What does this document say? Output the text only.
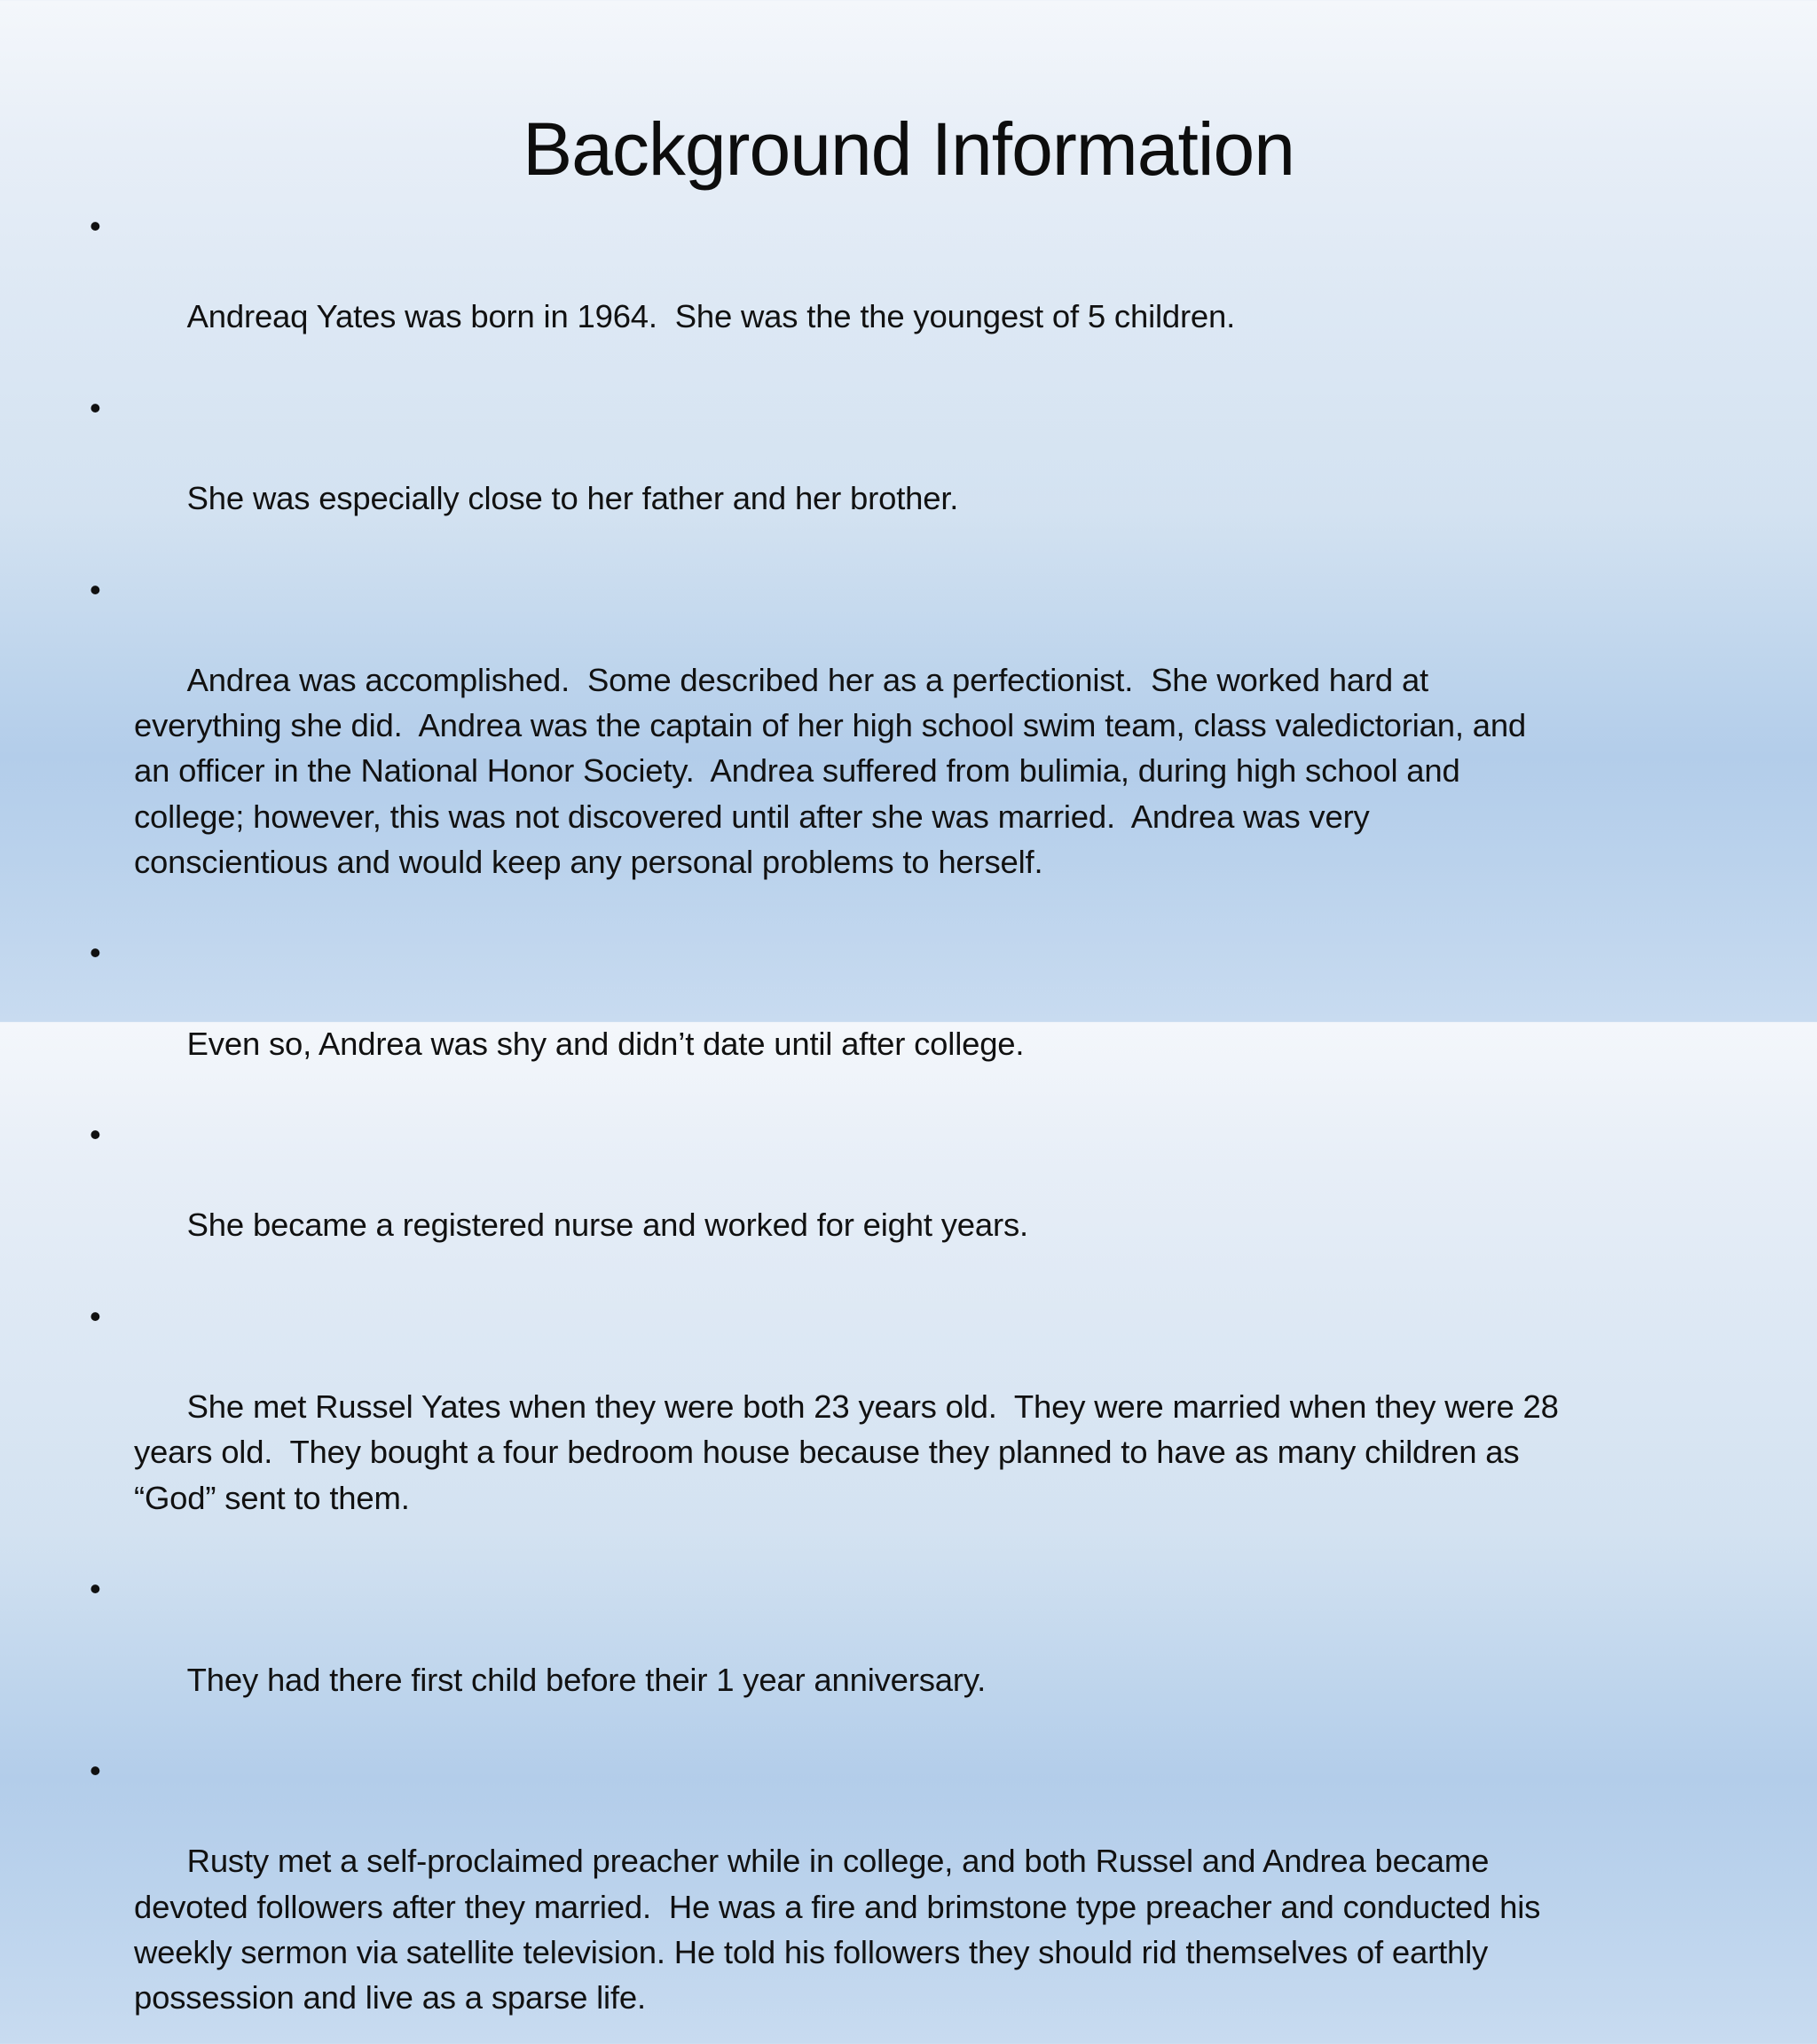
Background Information

•

Andreaq Yates was born in 1964.  She was the the youngest of 5 children.

•

She was especially close to her father and her brother.

•

Andrea was accomplished.  Some described her as a perfectionist.  She worked hard at everything she did.  Andrea was the captain of her high school swim team, class valedictorian, and an officer in the National Honor Society.  Andrea suffered from bulimia, during high school and college; however, this was not discovered until after she was married.  Andrea was very conscientious and would keep any personal problems to herself.

•

Even so, Andrea was shy and didn’t date until after college.

•

She became a registered nurse and worked for eight years.

•

She met Russel Yates when they were both 23 years old.  They were married when they were 28 years old.  They bought a four bedroom house because they planned to have as many children as “God” sent to them.

•

They had there first child before their 1 year anniversary.

•

Rusty met a self-proclaimed preacher while in college, and both Russel and Andrea became devoted followers after they married.  He was a fire and brimstone type preacher and conducted his weekly sermon via satellite television. He told his followers they should rid themselves of earthly possession and live as a sparse life.
